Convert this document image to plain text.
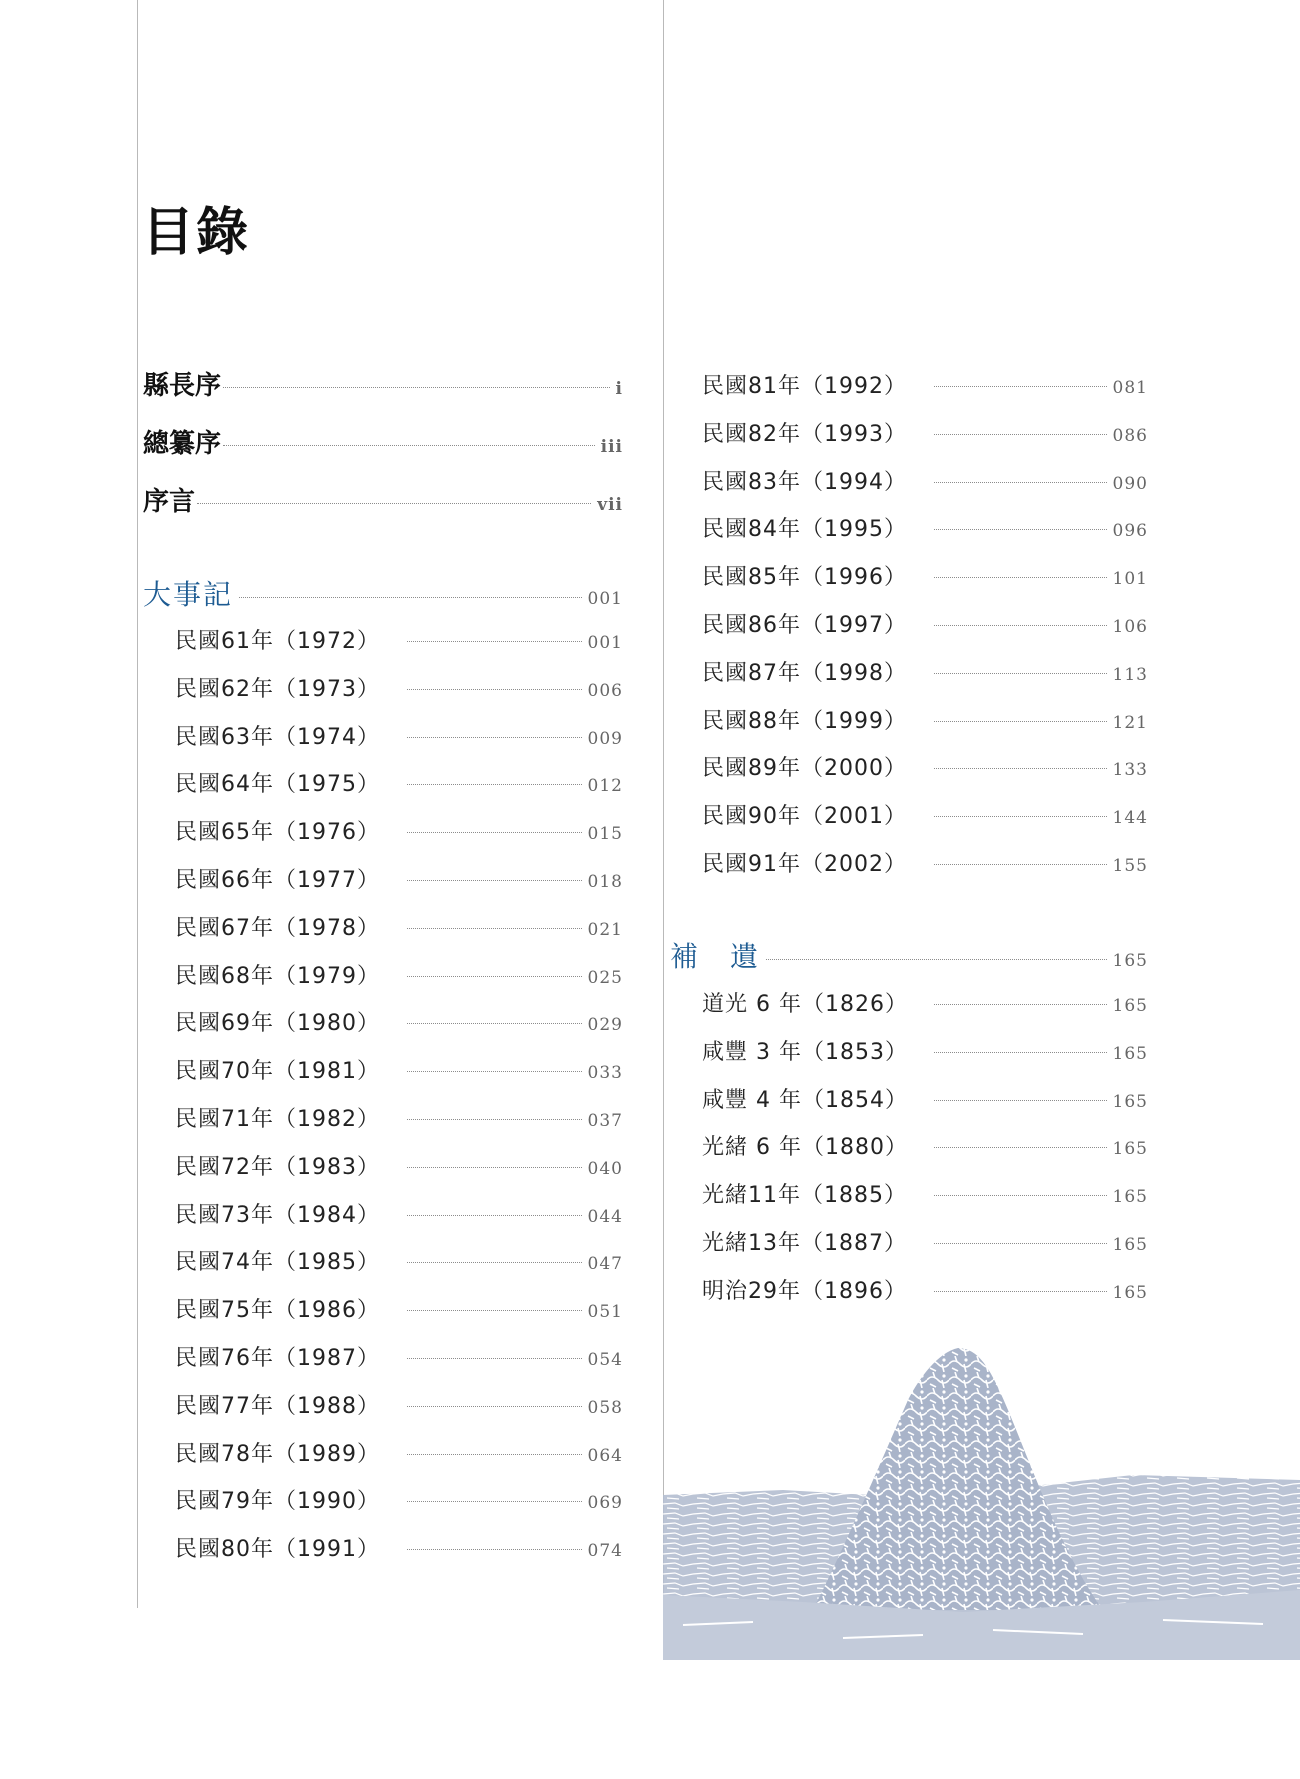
目錄
縣長序	i
總纂序	iii
序言	vii
大事記	001
補　遺	165
民國61年（1972）	001
民國62年（1973）	006
民國63年（1974）	009
民國64年（1975）	012
民國65年（1976）	015
民國66年（1977）	018
民國67年（1978）	021
民國68年（1979）	025
民國69年（1980）	029
民國70年（1981）	033
民國71年（1982）	037
民國72年（1983）	040
民國73年（1984）	044
民國74年（1985）	047
民國75年（1986）	051
民國76年（1987）	054
民國77年（1988）	058
民國78年（1989）	064
民國79年（1990）	069
民國80年（1991）	074
民國81年（1992）	081
民國82年（1993）	086
民國83年（1994）	090
民國84年（1995）	096
民國85年（1996）	101
民國86年（1997）	106
民國87年（1998）	113
民國88年（1999）	121
民國89年（2000）	133
民國90年（2001）	144
民國91年（2002）	155
道光 6 年（1826）	165
咸豐 3 年（1853）	165
咸豐 4 年（1854）	165
光緒 6 年（1880）	165
光緒11年（1885）	165
光緒13年（1887）	165
明治29年（1896）	165
